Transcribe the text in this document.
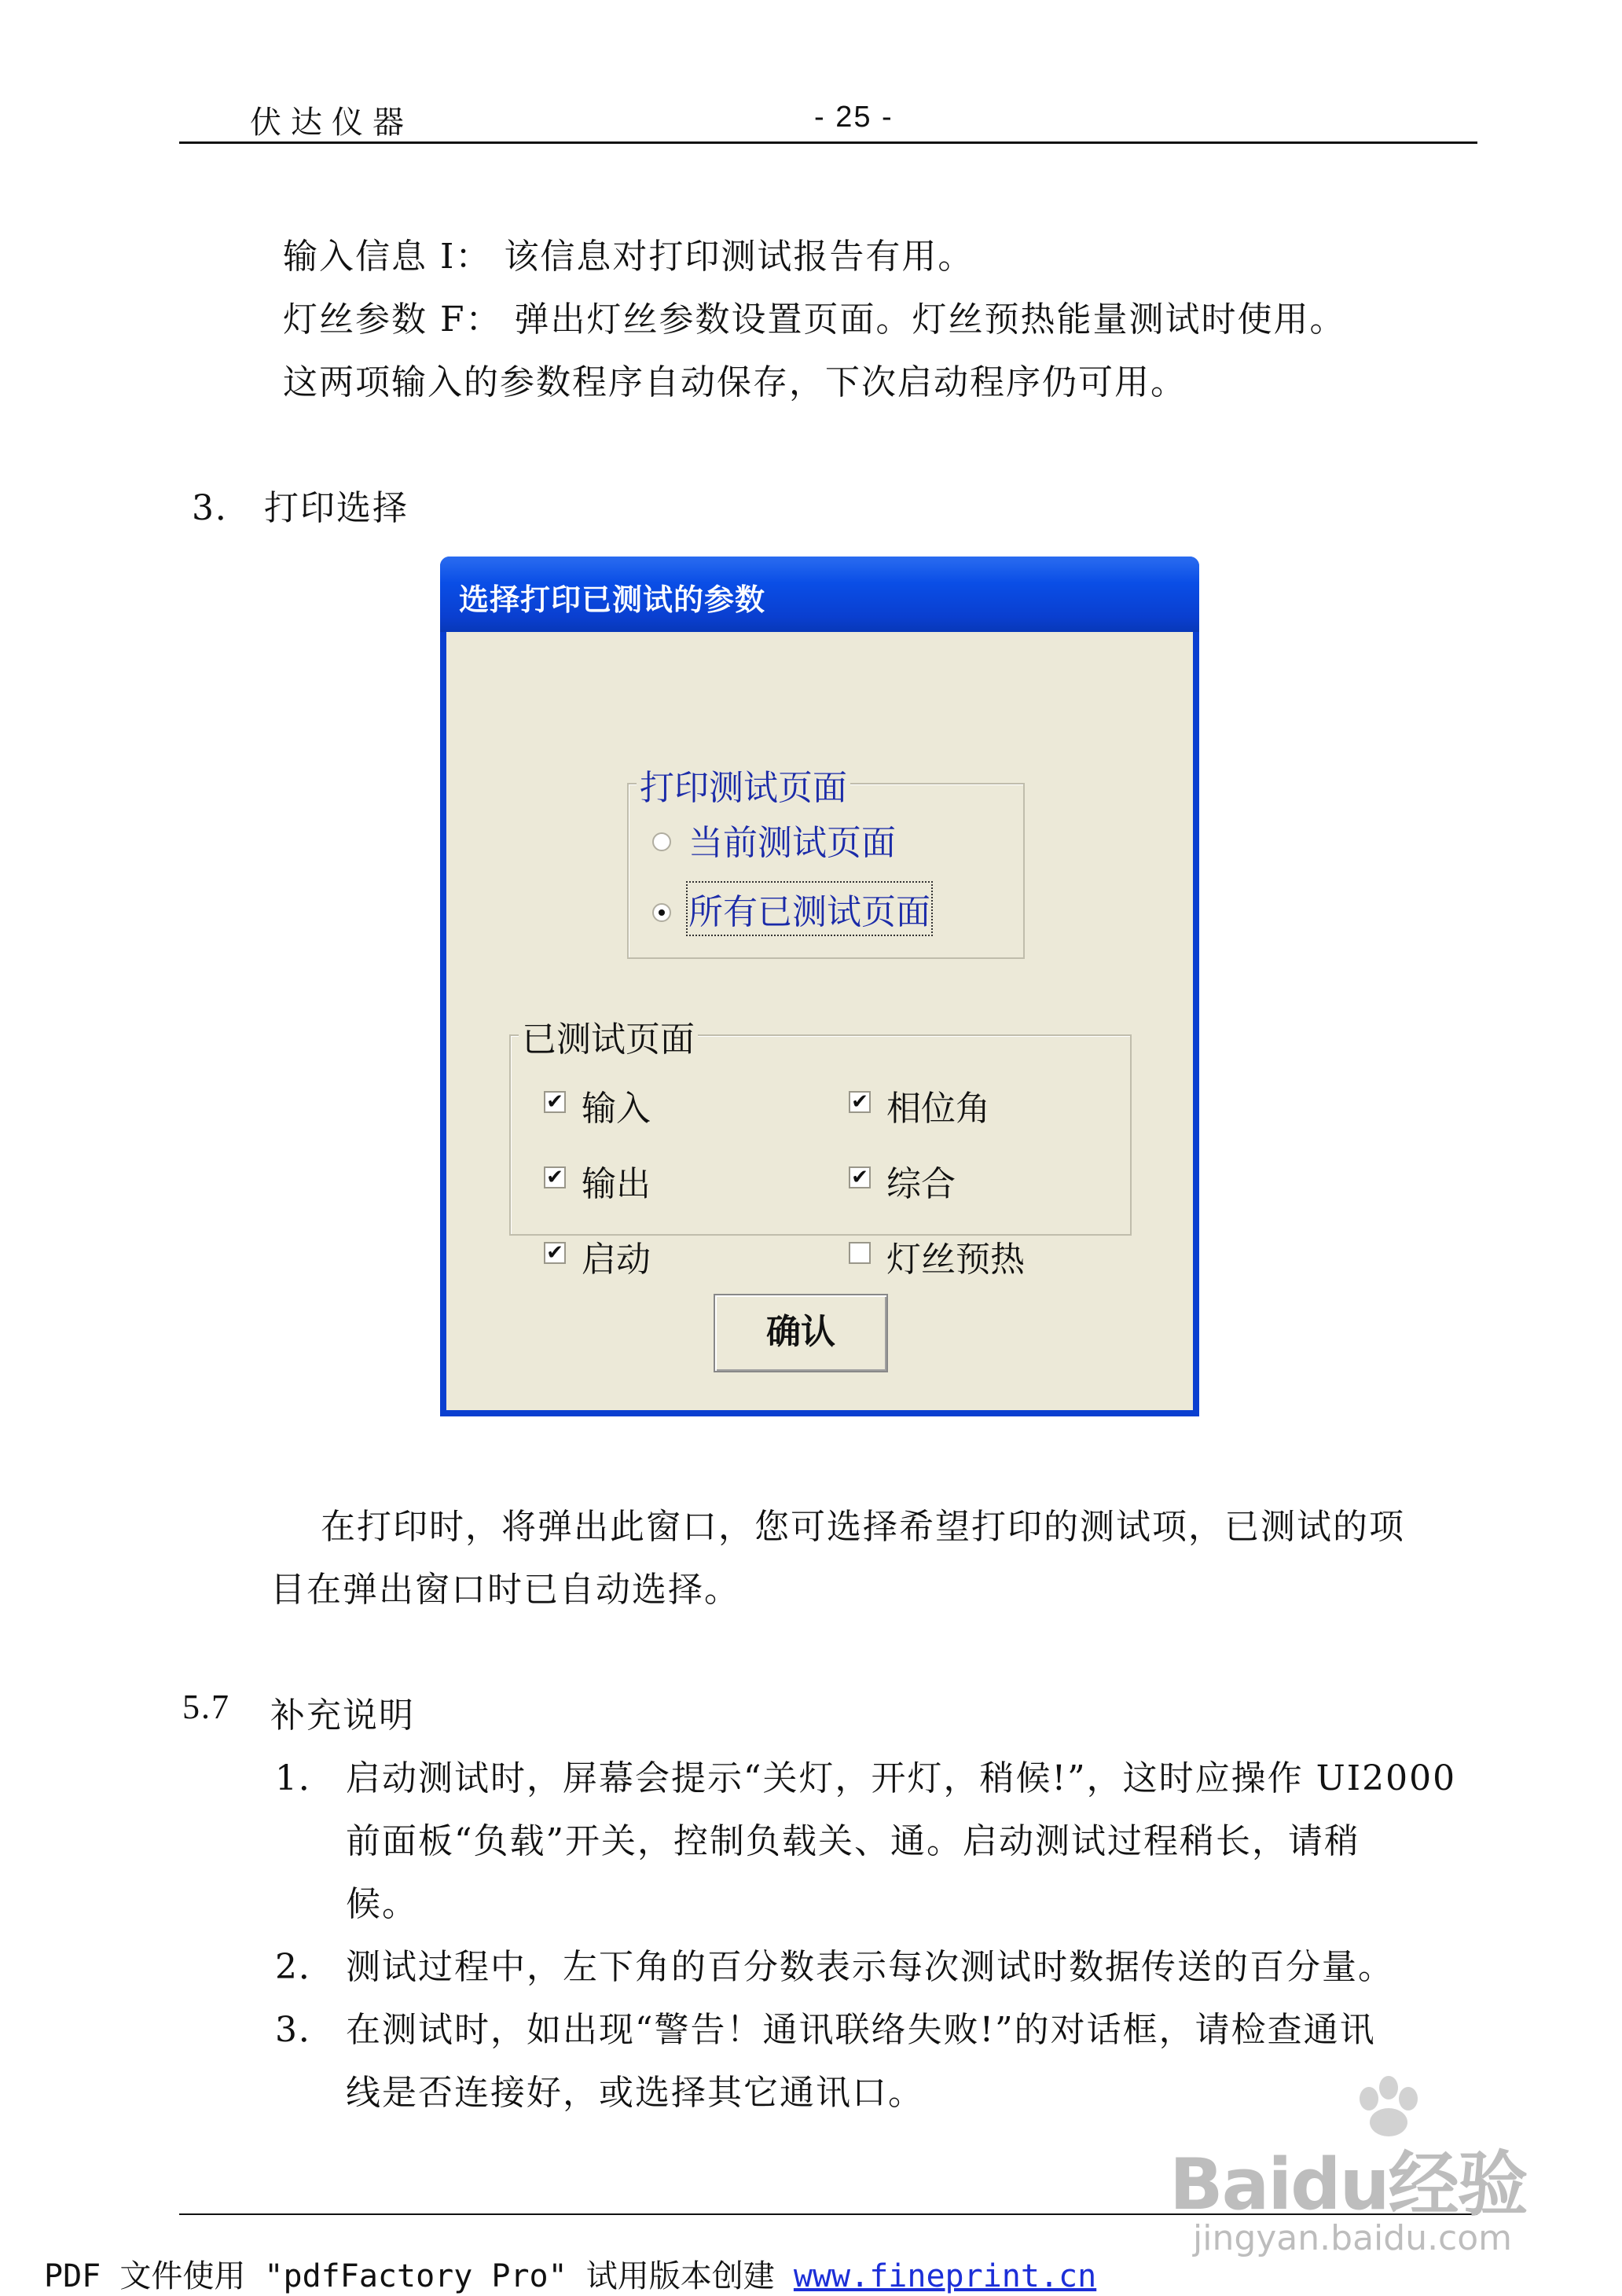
伏达仪器	- 25 -
输入信息 I： 该信息对打印测试报告有用。
灯丝参数 F： 弹出灯丝参数设置页面。灯丝预热能量测试时使用。
这两项输入的参数程序自动保存，下次启动程序仍可用。
3． 打印选择
选择打印已测试的参数
打印测试页面
当前测试页面
所有已测试页面
已测试页面
✔ 输入	✔ 相位角
✔ 输出	✔ 综合
✔ 启动	灯丝预热
确认
在打印时，将弹出此窗口，您可选择希望打印的测试项，已测试的项
目在弹出窗口时已自动选择。
5.7 补充说明
1． 启动测试时，屏幕会提示“关灯，开灯，稍候!”，这时应操作 UI2000
前面板“负载”开关，控制负载关、通。启动测试过程稍长，请稍
候。
2． 测试过程中，左下角的百分数表示每次测试时数据传送的百分量。
3． 在测试时，如出现“警告！通讯联络失败!”的对话框，请检查通讯
线是否连接好，或选择其它通讯口。
Baidu经验
jingyan.baidu.com
PDF 文件使用 "pdfFactory Pro" 试用版本创建 www.fineprint.cn
